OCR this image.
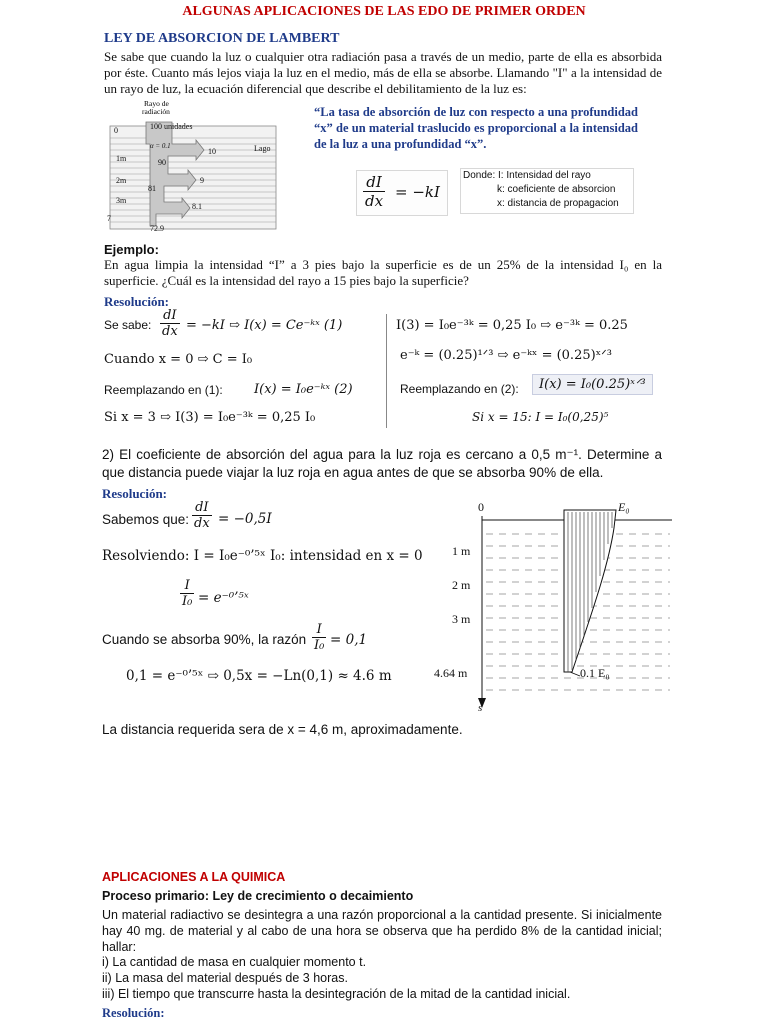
ALGUNAS APLICACIONES DE LAS EDO DE PRIMER ORDEN
LEY DE ABSORCION DE LAMBERT
Se sabe que cuando la luz o cualquier otra radiación pasa a través de un medio, parte de ella es absorbida por éste. Cuanto más lejos viaja la luz en el medio, más de ella se absorbe. Llamando "I" a la intensidad de un rayo de luz, la ecuación diferencial que describe el debilitamiento de la luz es:
Rayo de
radiación
100 unidades
α = 0.1	Lago
0
1m
2m
3m
7
10
90
9
81
8.1
72.9
“La tasa de absorción de luz con respecto a una profundidad “x” de un material traslucido es proporcional a la intensidad de la luz a una profundidad “x”.
$\frac{dI}{dx} = -kI$
Donde: I: Intensidad del rayo
k: coeficiente de absorcion
x: distancia de propagacion
Ejemplo:
En agua limpia la intensidad “I” a 3 pies bajo la superficie es de un 25% de la intensidad I₀ en la superficie. ¿Cuál es la intensidad del rayo a 15 pies bajo la superficie?
Resolución:
Se sabe: $\frac{dI}{dx} = -kI$ ⇨ I(x) = Ce⁻ᵏˣ (1)
Cuando x = 0 ⇨ C = I₀
Reemplazando en (1): I(x) = I₀e⁻ᵏˣ (2)
Si x = 3 ⇨ I(3) = I₀e⁻³ᵏ = 0,25 I₀
I(3) = I₀e⁻³ᵏ = 0,25 I₀ ⇨ e⁻³ᵏ = 0.25
e⁻ᵏ = (0.25)¹ᐟ³ ⇨ e⁻ᵏˣ = (0.25)ˣᐟ³
Reemplazando en (2):	I(x) = I₀(0.25)ˣᐟ³
Si x = 15: I = I₀(0,25)⁵
2) El coeficiente de absorción del agua para la luz roja es cercano a 0,5 m⁻¹. Determine a que distancia puede viajar la luz roja en agua antes de que se absorba 90% de ella.
Resolución:
Sabemos que: $\frac{dI}{dx} = -0,5I$
Resolviendo: I = I₀e⁻⁰’⁵ˣ I₀: intensidad en x = 0
$\frac{I}{\text{I₀}}$ = e⁻⁰’⁵ˣ
Cuando se absorba 90%, la razón $\frac{I}{\text{I₀}} = 0,1$
0,1 = e⁻⁰’⁵ˣ ⇨ 0,5x = −Ln(0,1) ≈ 4.6 m
La distancia requerida sera de x = 4,6 m, aproximadamente.
0	E₀
1 m
2 m
3 m
4.64 m	0.1 E₀
s
APLICACIONES A LA QUIMICA
Proceso primario: Ley de crecimiento o decaimiento
Un material radiactivo se desintegra a una razón proporcional a la cantidad presente. Si inicialmente hay 40 mg. de material y al cabo de una hora se observa que ha perdido 8% de la cantidad inicial; hallar:
i) La cantidad de masa en cualquier momento t.
ii) La masa del material después de 3 horas.
iii) El tiempo que transcurre hasta la desintegración de la mitad de la cantidad inicial.
Resolución:
